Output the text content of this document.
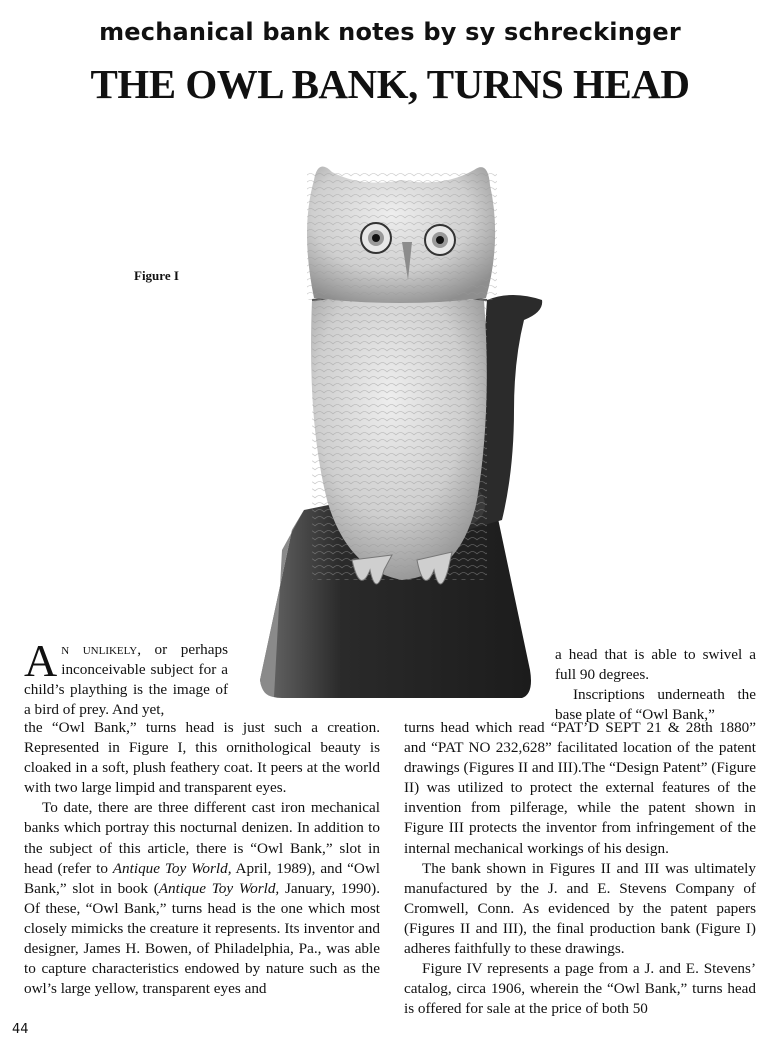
mechanical bank notes by sy schreckinger
THE OWL BANK, TURNS HEAD
Figure I

An unlikely, or perhaps inconceivable subject for a child’s plaything is the image of a bird of prey. And yet,

the “Owl Bank,” turns head is just such a creation. Represented in Figure I, this ornithological beauty is cloaked in a soft, plush feathery coat. It peers at the world with two large limpid and transparent eyes.

To date, there are three different cast iron mechanical banks which portray this nocturnal denizen. In addition to the subject of this article, there is “Owl Bank,” slot in head (refer to Antique Toy World, April, 1989), and “Owl Bank,” slot in book (Antique Toy World, January, 1990). Of these, “Owl Bank,” turns head is the one which most closely mimicks the creature it represents. Its inventor and designer, James H. Bowen, of Philadelphia, Pa., was able to capture characteristics endowed by nature such as the owl’s large yellow, transparent eyes and

a head that is able to swivel a full 90 degrees.

Inscriptions underneath the base plate of “Owl Bank,”

turns head which read “PAT’D SEPT 21 & 28th 1880” and “PAT NO 232,628” facilitated location of the patent drawings (Figures II and III).The “Design Patent” (Figure II) was utilized to protect the external features of the invention from pilferage, while the patent shown in Figure III protects the inventor from infringement of the internal mechanical workings of his design.

The bank shown in Figures II and III was ultimately manufactured by the J. and E. Stevens Company of Cromwell, Conn. As evidenced by the patent papers (Figures II and III), the final production bank (Figure I) adheres faithfully to these drawings.

Figure IV represents a page from a J. and E. Stevens’ catalog, circa 1906, wherein the “Owl Bank,” turns head is offered for sale at the price of both 50

44
